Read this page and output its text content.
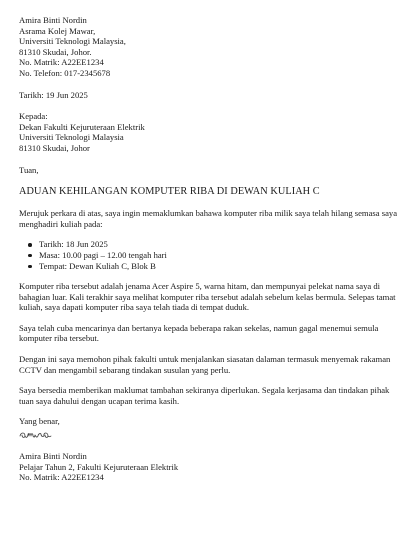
Amira Binti Nordin
Asrama Kolej Mawar,
Universiti Teknologi Malaysia,
81310 Skudai, Johor.
No. Matrik: A22EE1234
No. Telefon: 017-2345678
Tarikh: 19 Jun 2025
Kepada:
Dekan Fakulti Kejuruteraan Elektrik
Universiti Teknologi Malaysia
81310 Skudai, Johor
Tuan,
ADUAN KEHILANGAN KOMPUTER RIBA DI DEWAN KULIAH C

Merujuk perkara di atas, saya ingin memaklumkan bahawa komputer riba milik saya telah hilang semasa saya menghadiri kuliah pada:

Tarikh: 18 Jun 2025
Masa: 10.00 pagi – 12.00 tengah hari
Tempat: Dewan Kuliah C, Blok B

Komputer riba tersebut adalah jenama Acer Aspire 5, warna hitam, dan mempunyai pelekat nama saya di bahagian luar. Kali terakhir saya melihat komputer riba tersebut adalah sebelum kelas bermula. Selepas tamat kuliah, saya dapati komputer riba saya telah tiada di tempat duduk.

Saya telah cuba mencarinya dan bertanya kepada beberapa rakan sekelas, namun gagal menemui semula komputer riba tersebut.

Dengan ini saya memohon pihak fakulti untuk menjalankan siasatan dalaman termasuk menyemak rakaman CCTV dan mengambil sebarang tindakan susulan yang perlu.

Saya bersedia memberikan maklumat tambahan sekiranya diperlukan. Segala kerjasama dan tindakan pihak tuan saya dahului dengan ucapan terima kasih.

Yang benar,
Amira Binti Nordin
Pelajar Tahun 2, Fakulti Kejuruteraan Elektrik
No. Matrik: A22EE1234
